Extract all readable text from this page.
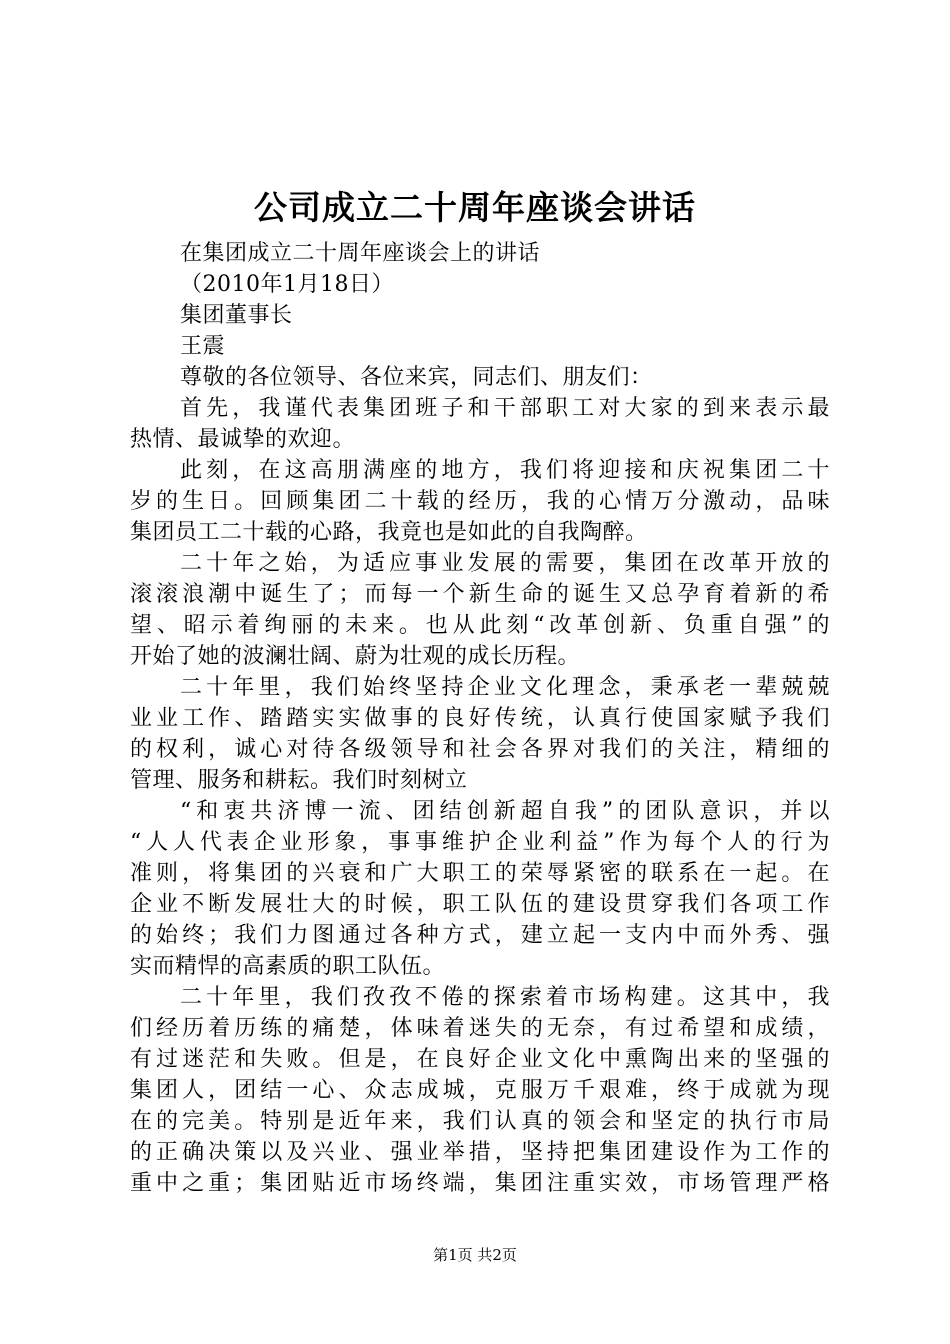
公司成立二十周年座谈会讲话
在集团成立二十周年座谈会上的讲话
（2010年1月18日）
集团董事长
王震
尊敬的各位领导、各位来宾，同志们、朋友们：
首先，我谨代表集团班子和干部职工对大家的到来表示最
热情、最诚挚的欢迎。
此刻，在这高朋满座的地方，我们将迎接和庆祝集团二十
岁的生日。回顾集团二十载的经历，我的心情万分激动，品味
集团员工二十载的心路，我竟也是如此的自我陶醉。
二十年之始，为适应事业发展的需要，集团在改革开放的
滚滚浪潮中诞生了；而每一个新生命的诞生又总孕育着新的希
望、昭示着绚丽的未来。也从此刻“改革创新、负重自强”的
开始了她的波澜壮阔、蔚为壮观的成长历程。
二十年里，我们始终坚持企业文化理念，秉承老一辈兢兢
业业工作、踏踏实实做事的良好传统，认真行使国家赋予我们
的权利，诚心对待各级领导和社会各界对我们的关注，精细的
管理、服务和耕耘。我们时刻树立
“和衷共济博一流、团结创新超自我”的团队意识，并以
“人人代表企业形象，事事维护企业利益”作为每个人的行为
准则，将集团的兴衰和广大职工的荣辱紧密的联系在一起。在
企业不断发展壮大的时候，职工队伍的建设贯穿我们各项工作
的始终；我们力图通过各种方式，建立起一支内中而外秀、强
实而精悍的高素质的职工队伍。
二十年里，我们孜孜不倦的探索着市场构建。这其中，我
们经历着历练的痛楚，体味着迷失的无奈，有过希望和成绩，
有过迷茫和失败。但是，在良好企业文化中熏陶出来的坚强的
集团人，团结一心、众志成城，克服万千艰难，终于成就为现
在的完美。特别是近年来，我们认真的领会和坚定的执行市局
的正确决策以及兴业、强业举措，坚持把集团建设作为工作的
重中之重；集团贴近市场终端，集团注重实效，市场管理严格
第1页 共2页
